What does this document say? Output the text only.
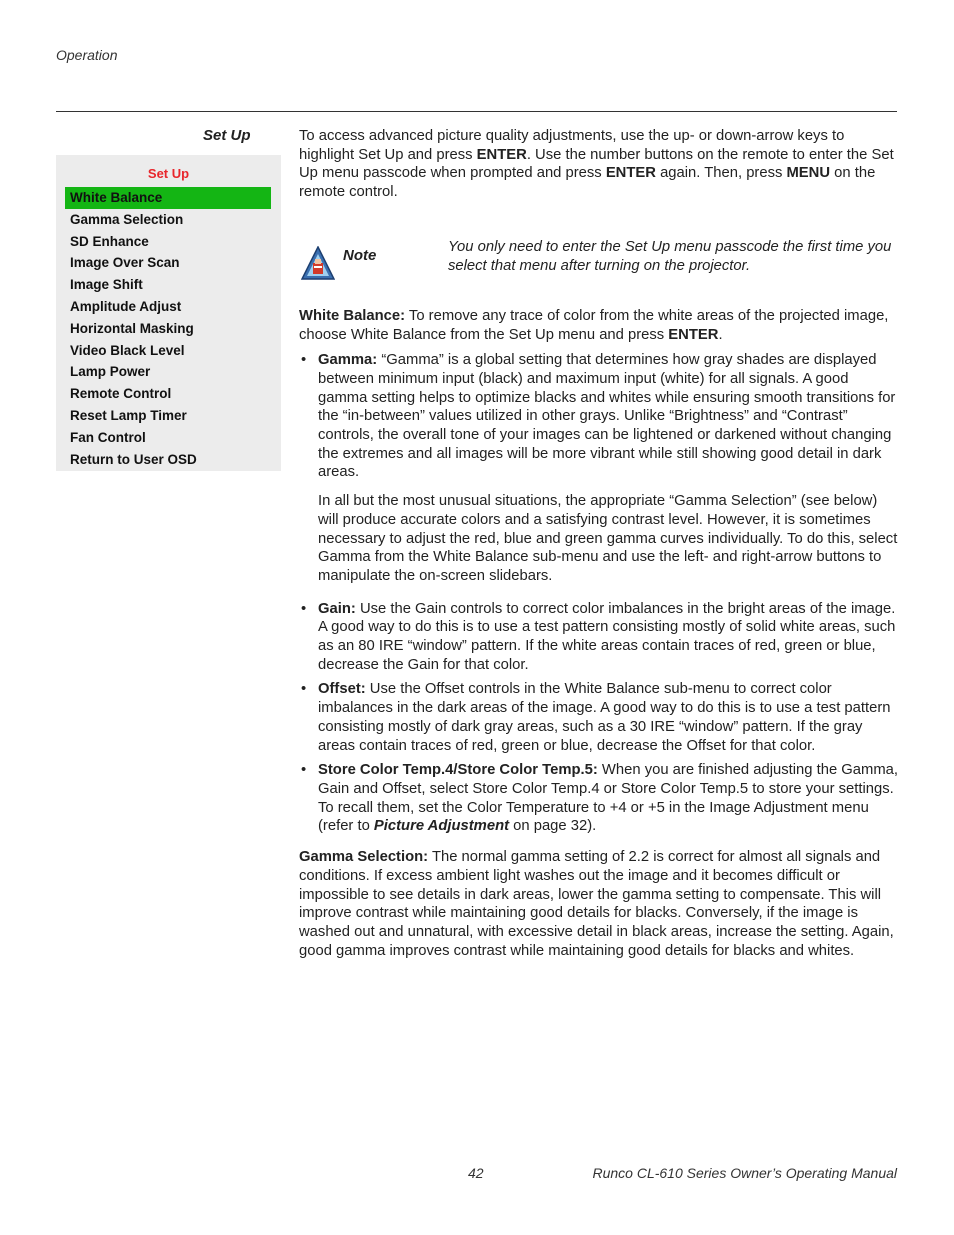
Operation
Set Up
Set Up
White Balance
Gamma Selection
SD Enhance
Image Over Scan
Image Shift
Amplitude Adjust
Horizontal Masking
Video Black Level
Lamp Power
Remote Control
Reset Lamp Timer
Fan Control
Return to User OSD

To access advanced picture quality adjustments, use the up- or down-arrow keys to highlight Set Up and press ENTER. Use the number buttons on the remote to enter the Set Up menu passcode when prompted and press ENTER again. Then, press MENU on the remote control.

Note	You only need to enter the Set Up menu passcode the first time you select that menu after turning on the projector.

White Balance: To remove any trace of color from the white areas of the projected image, choose White Balance from the Set Up menu and press ENTER.

• Gamma: “Gamma” is a global setting that determines how gray shades are displayed between minimum input (black) and maximum input (white) for all signals. A good gamma setting helps to optimize blacks and whites while ensuring smooth transitions for the “in-between” values utilized in other grays. Unlike “Brightness” and “Contrast” controls, the overall tone of your images can be lightened or darkened without changing the extremes and all images will be more vibrant while still showing good detail in dark areas.

In all but the most unusual situations, the appropriate “Gamma Selection” (see below) will produce accurate colors and a satisfying contrast level. However, it is sometimes necessary to adjust the red, blue and green gamma curves individually. To do this, select Gamma from the White Balance sub-menu and use the left- and right-arrow buttons to manipulate the on-screen slidebars.

• Gain: Use the Gain controls to correct color imbalances in the bright areas of the image. A good way to do this is to use a test pattern consisting mostly of solid white areas, such as an 80 IRE “window” pattern. If the white areas contain traces of red, green or blue, decrease the Gain for that color.
• Offset: Use the Offset controls in the White Balance sub-menu to correct color imbalances in the dark areas of the image. A good way to do this is to use a test pattern consisting mostly of dark gray areas, such as a 30 IRE “window” pattern. If the gray areas contain traces of red, green or blue, decrease the Offset for that color.
• Store Color Temp.4/Store Color Temp.5: When you are finished adjusting the Gamma, Gain and Offset, select Store Color Temp.4 or Store Color Temp.5 to store your settings. To recall them, set the Color Temperature to +4 or +5 in the Image Adjustment menu (refer to Picture Adjustment on page 32).

Gamma Selection: The normal gamma setting of 2.2 is correct for almost all signals and conditions. If excess ambient light washes out the image and it becomes difficult or impossible to see details in dark areas, lower the gamma setting to compensate. This will improve contrast while maintaining good details for blacks. Conversely, if the image is washed out and unnatural, with excessive detail in black areas, increase the setting. Again, good gamma improves contrast while maintaining good details for blacks and whites.

42	Runco CL-610 Series Owner’s Operating Manual
